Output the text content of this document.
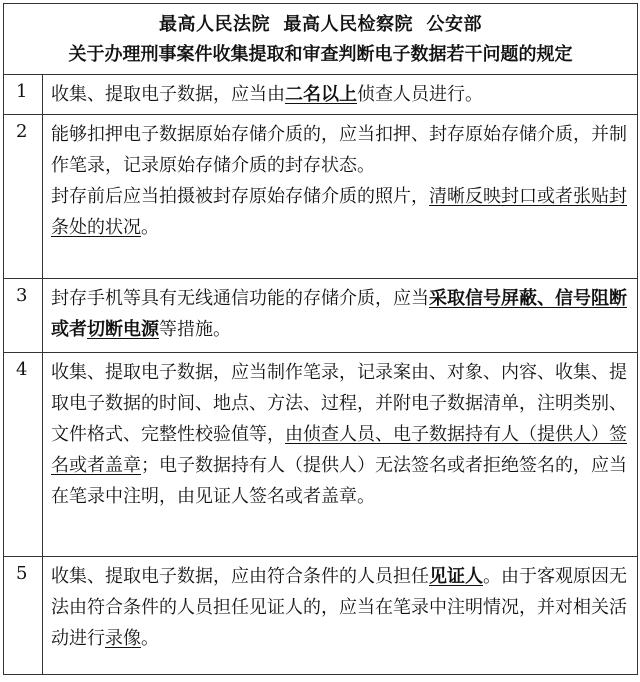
最高人民法院  最高人民检察院  公安部
关于办理刑事案件收集提取和审查判断电子数据若干问题的规定	

1	收集、提取电子数据，应当由二名以上侦查人员进行。

2	能够扣押电子数据原始存储介质的，应当扣押、封存原始存储介质，并制作笔录，记录原始存储介质的封存状态。

封存前后应当拍摄被封存原始存储介质的照片，清晰反映封口或者张贴封条处的状况。

3	封存手机等具有无线通信功能的存储介质，应当采取信号屏蔽、信号阻断或者切断电源等措施。

4	收集、提取电子数据，应当制作笔录，记录案由、对象、内容、收集、提取电子数据的时间、地点、方法、过程，并附电子数据清单，注明类别、文件格式、完整性校验值等，由侦查人员、电子数据持有人（提供人）签名或者盖章；电子数据持有人（提供人）无法签名或者拒绝签名的，应当在笔录中注明，由见证人签名或者盖章。

5	收集、提取电子数据，应由符合条件的人员担任见证人。由于客观原因无法由符合条件的人员担任见证人的，应当在笔录中注明情况，并对相关活动进行录像。
